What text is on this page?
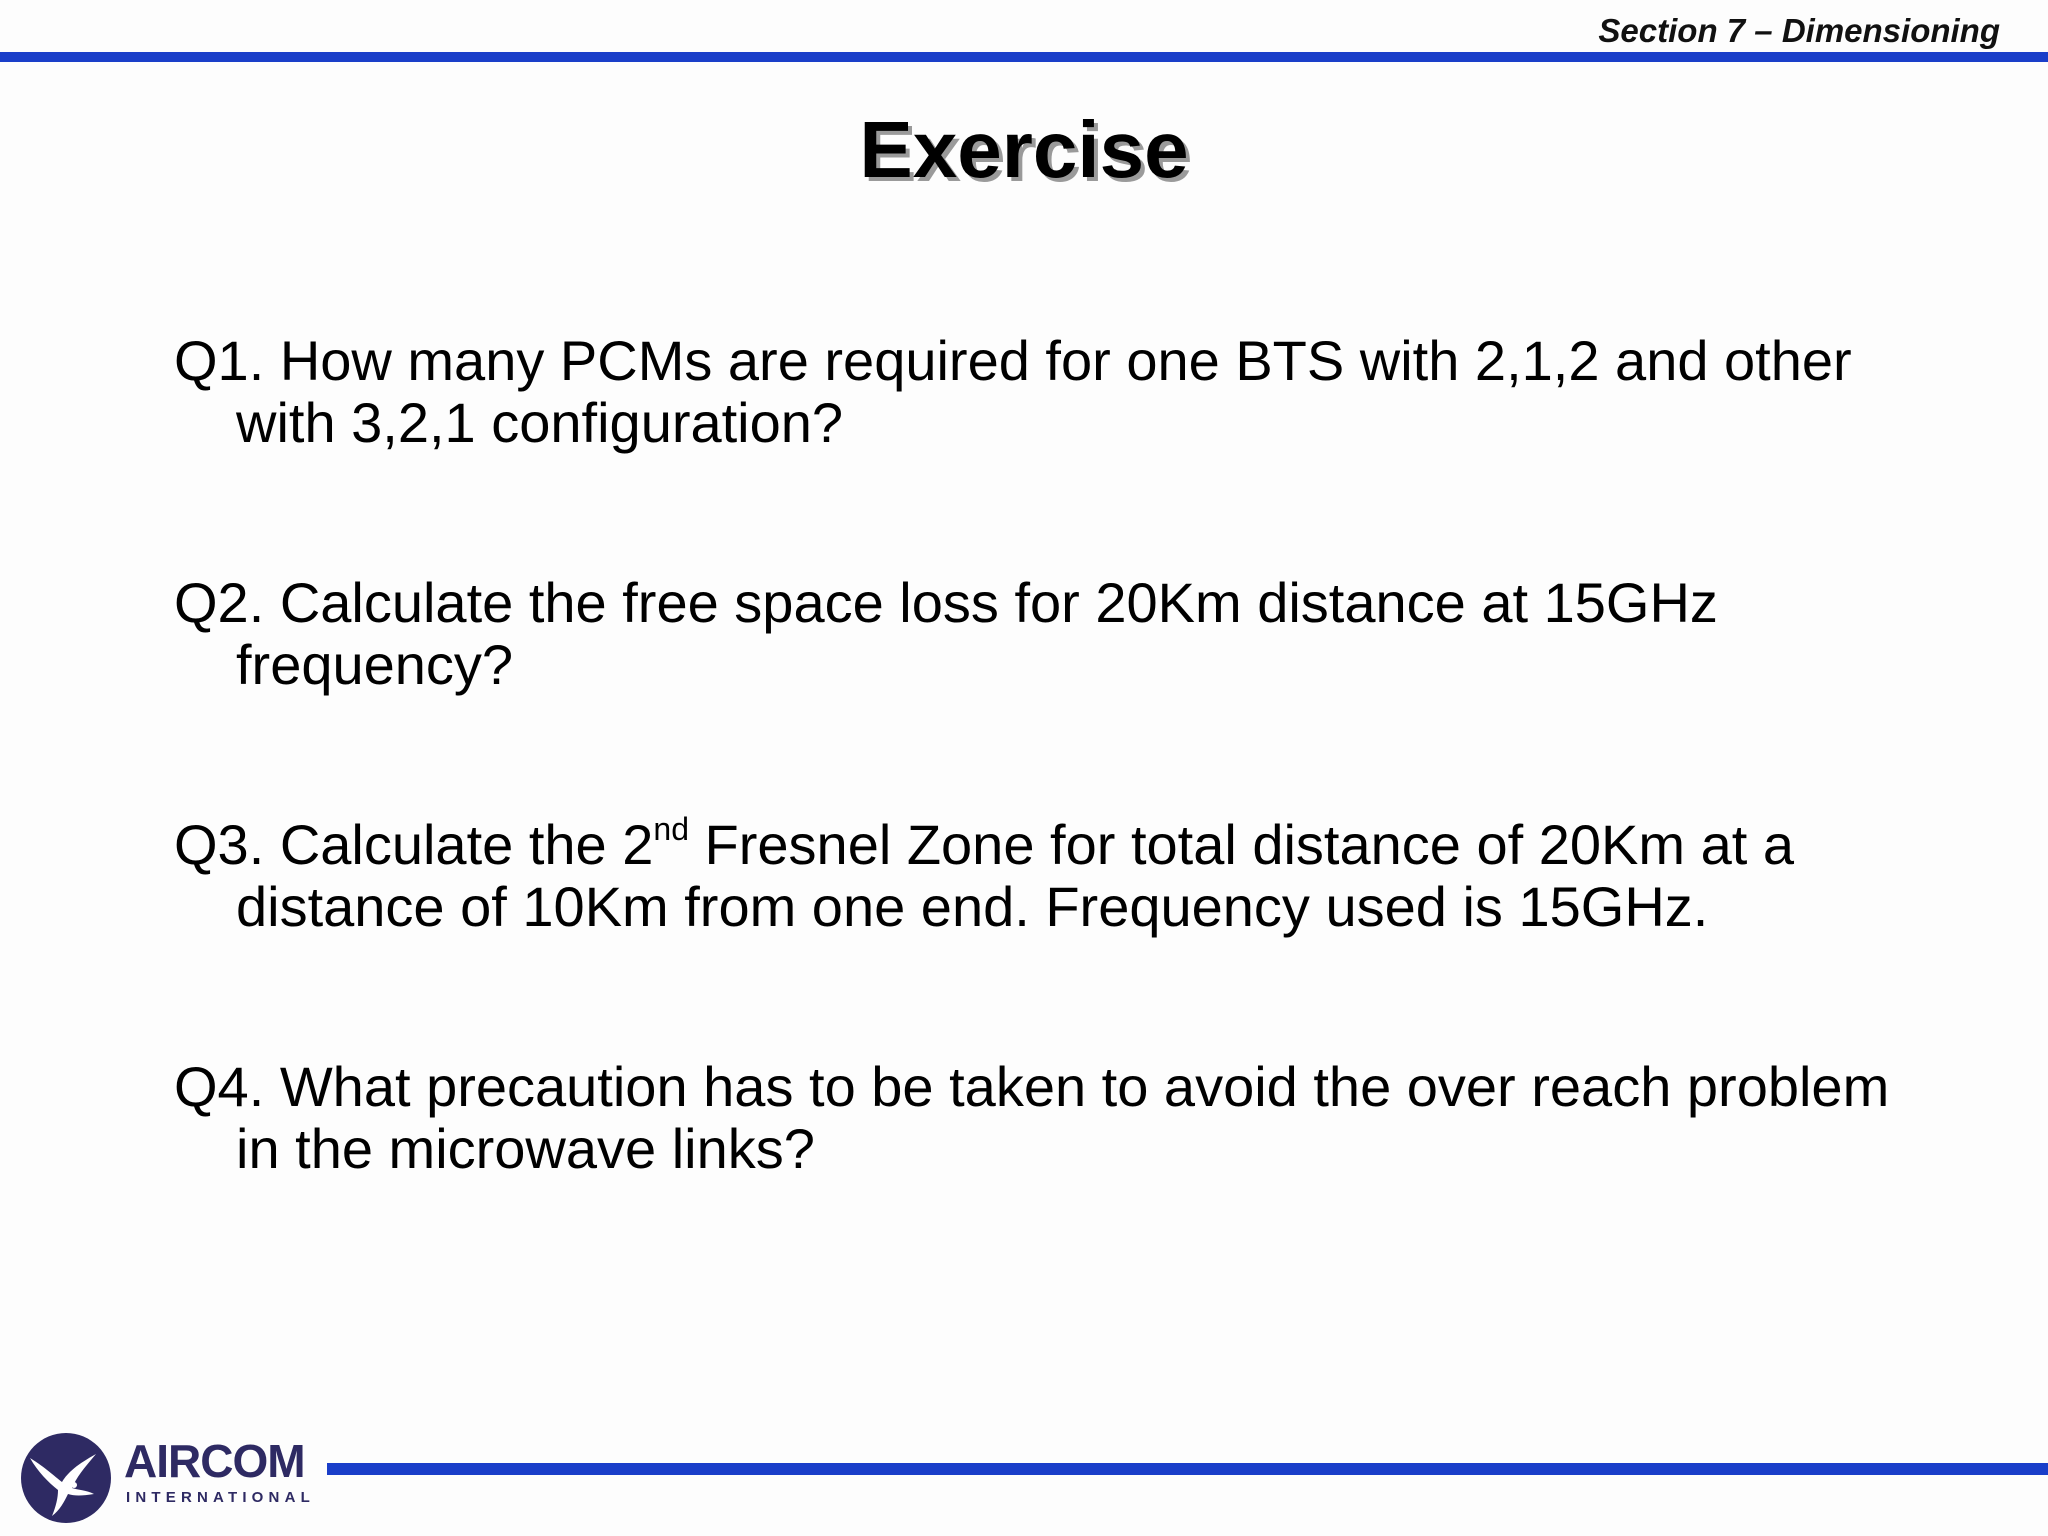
Section 7 – Dimensioning
Exercise
Q1. How many PCMs are required for one BTS with 2,1,2 and other with 3,2,1 configuration?
Q2. Calculate the free space loss for 20Km distance at 15GHz frequency?
Q3. Calculate the 2nd Fresnel Zone for total distance of 20Km at a distance of 10Km from one end. Frequency used is 15GHz.
Q4. What precaution has to be taken to avoid the over reach problem in the microwave links?
AIRCOM
INTERNATIONAL
